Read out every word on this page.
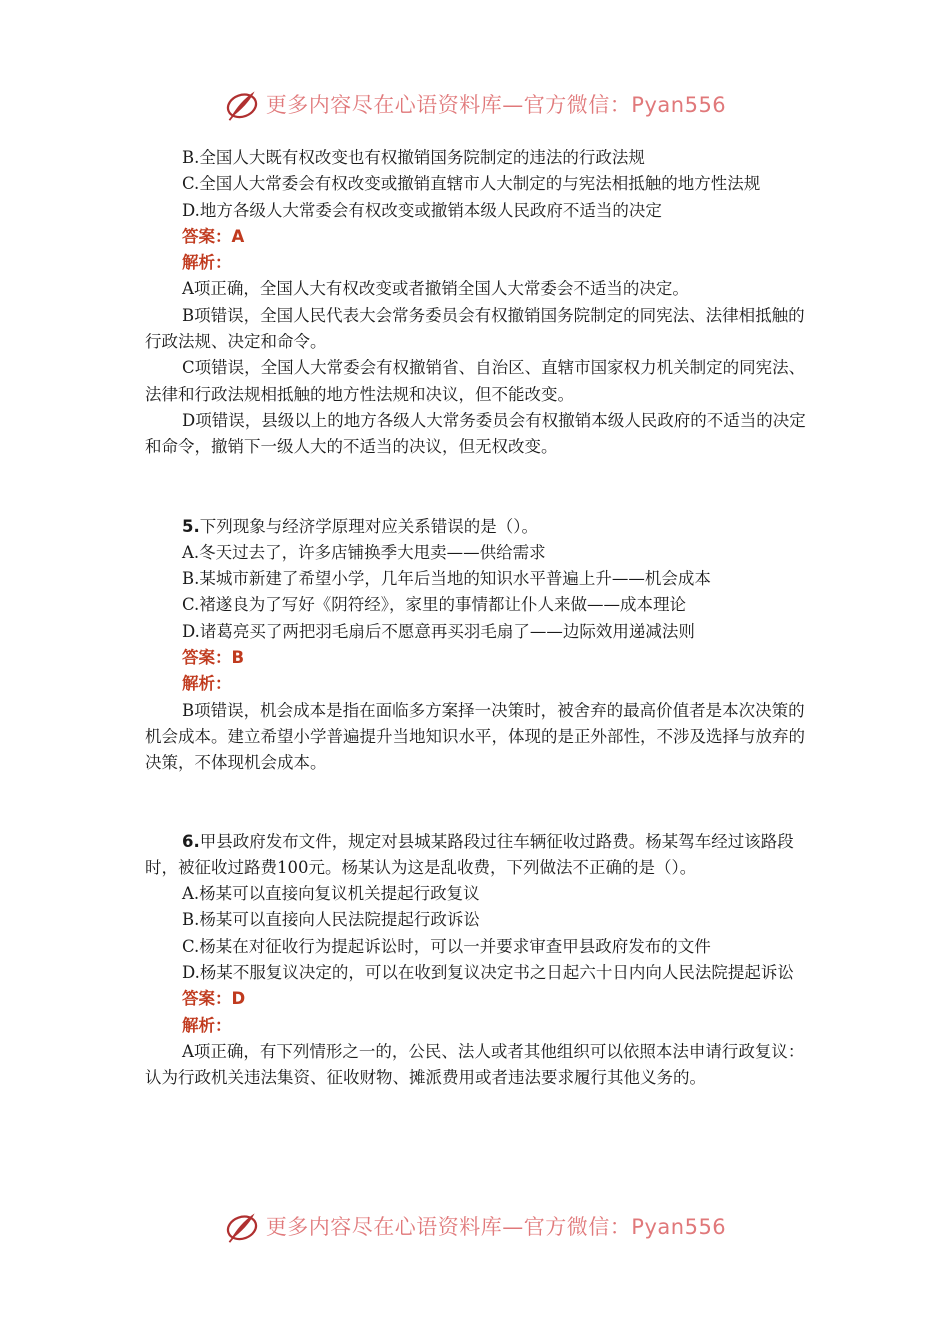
更多内容尽在心语资料库—官方微信：Pyan556

B.全国人大既有权改变也有权撤销国务院制定的违法的行政法规

C.全国人大常委会有权改变或撤销直辖市人大制定的与宪法相抵触的地方性法规

D.地方各级人大常委会有权改变或撤销本级人民政府不适当的决定

答案：A

解析：

A项正确，全国人大有权改变或者撤销全国人大常委会不适当的决定。

B项错误，全国人民代表大会常务委员会有权撤销国务院制定的同宪法、法律相抵触的行政法规、决定和命令。

C项错误，全国人大常委会有权撤销省、自治区、直辖市国家权力机关制定的同宪法、法律和行政法规相抵触的地方性法规和决议，但不能改变。

D项错误，县级以上的地方各级人大常务委员会有权撤销本级人民政府的不适当的决定和命令，撤销下一级人大的不适当的决议，但无权改变。

5.下列现象与经济学原理对应关系错误的是（）。

A.冬天过去了，许多店铺换季大甩卖——供给需求

B.某城市新建了希望小学，几年后当地的知识水平普遍上升——机会成本

C.褚遂良为了写好《阴符经》，家里的事情都让仆人来做——成本理论

D.诸葛亮买了两把羽毛扇后不愿意再买羽毛扇了——边际效用递减法则

答案：B

解析：

B项错误，机会成本是指在面临多方案择一决策时，被舍弃的最高价值者是本次决策的机会成本。建立希望小学普遍提升当地知识水平，体现的是正外部性，不涉及选择与放弃的决策，不体现机会成本。

6.甲县政府发布文件，规定对县城某路段过往车辆征收过路费。杨某驾车经过该路段时，被征收过路费100元。杨某认为这是乱收费，下列做法不正确的是（）。

A.杨某可以直接向复议机关提起行政复议

B.杨某可以直接向人民法院提起行政诉讼

C.杨某在对征收行为提起诉讼时，可以一并要求审查甲县政府发布的文件

D.杨某不服复议决定的，可以在收到复议决定书之日起六十日内向人民法院提起诉讼

答案：D

解析：

A项正确，有下列情形之一的，公民、法人或者其他组织可以依照本法申请行政复议：认为行政机关违法集资、征收财物、摊派费用或者违法要求履行其他义务的。

更多内容尽在心语资料库—官方微信：Pyan556
